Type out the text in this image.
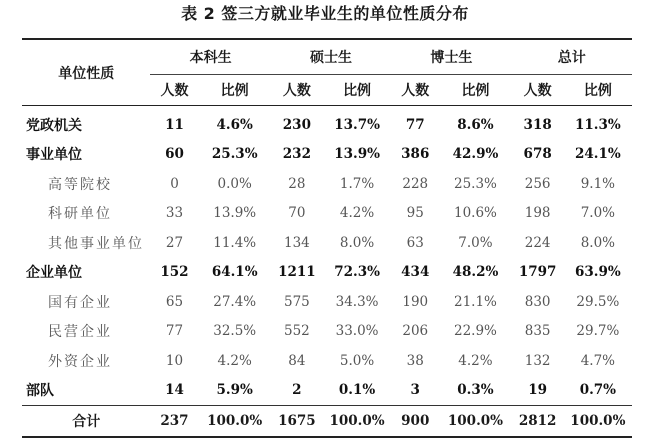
表 2 签三方就业毕业生的单位性质分布
单位性质	本科生		硕士生		博士生		总计	
	人数	比例	人数	比例	人数	比例	人数	比例
党政机关	11	4.6%	230	13.7%	77	8.6%	318	11.3%
事业单位	60	25.3%	232	13.9%	386	42.9%	678	24.1%
高等院校	0	0.0%	28	1.7%	228	25.3%	256	9.1%
科研单位	33	13.9%	70	4.2%	95	10.6%	198	7.0%
其他事业单位	27	11.4%	134	8.0%	63	7.0%	224	8.0%
企业单位	152	64.1%	1211	72.3%	434	48.2%	1797	63.9%
国有企业	65	27.4%	575	34.3%	190	21.1%	830	29.5%
民营企业	77	32.5%	552	33.0%	206	22.9%	835	29.7%
外资企业	10	4.2%	84	5.0%	38	4.2%	132	4.7%
部队	14	5.9%	2	0.1%	3	0.3%	19	0.7%
合计	237	100.0%	1675	100.0%	900	100.0%	2812	100.0%
